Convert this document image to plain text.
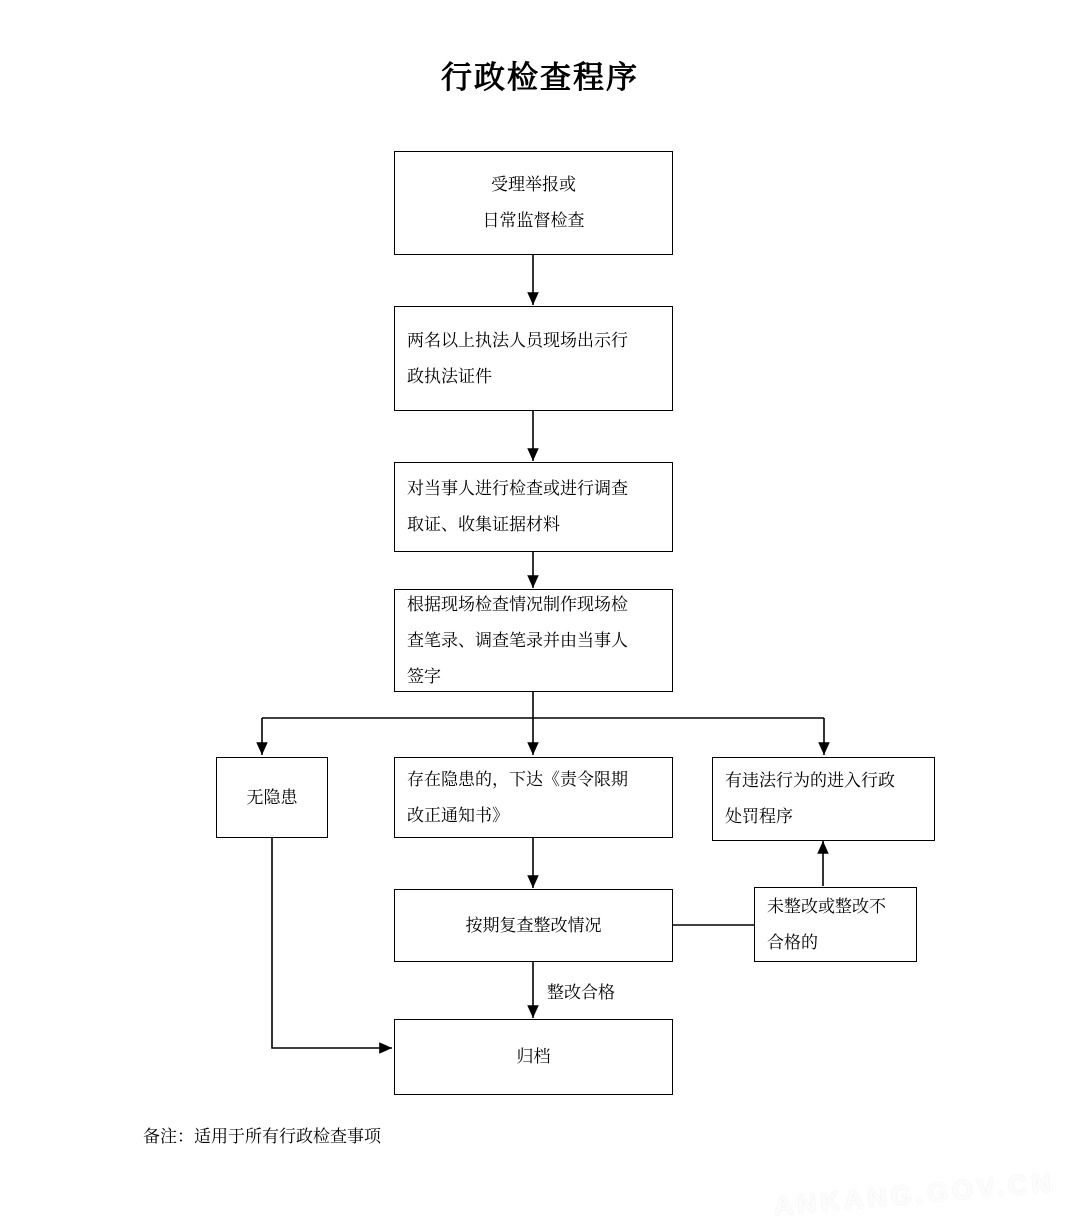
行政检查程序
受理举报或
日常监督检查
两名以上执法人员现场出示行
政执法证件
对当事人进行检查或进行调查
取证、收集证据材料
根据现场检查情况制作现场检
查笔录、调查笔录并由当事人
签字
无隐患
存在隐患的，下达《责令限期
改正通知书》
有违法行为的进入行政
处罚程序
按期复查整改情况
未整改或整改不
合格的
归档
整改合格
备注：适用于所有行政检查事项
ANKANG.GOV.CN
